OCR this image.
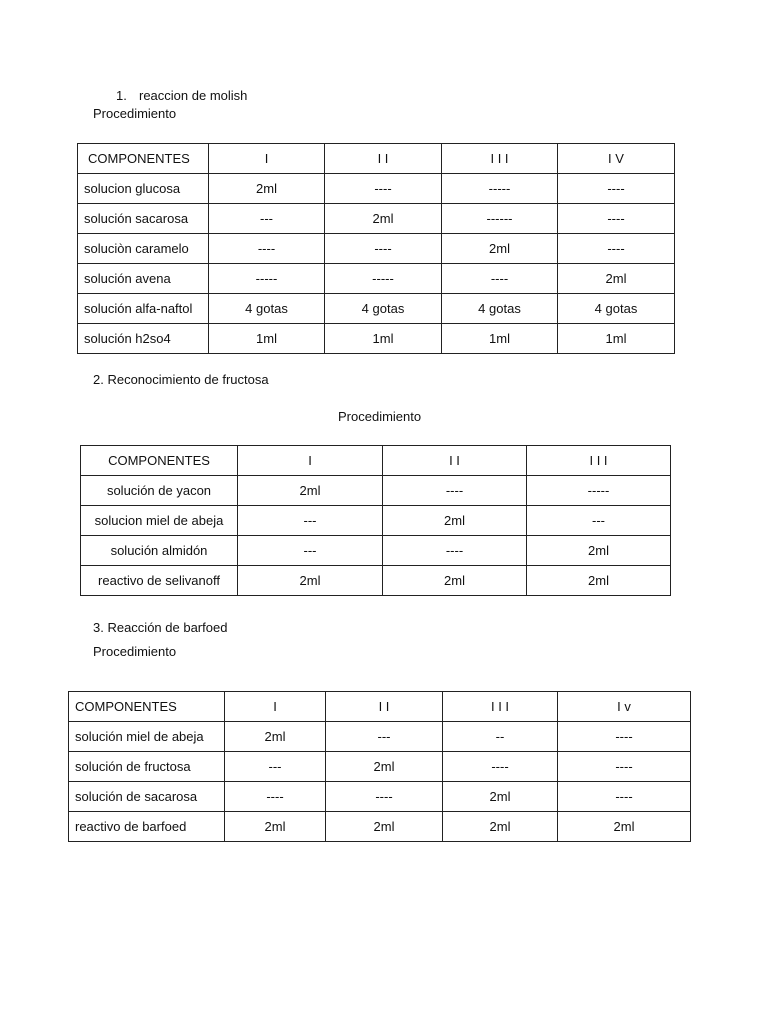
1. reaccion de molish
Procedimiento
COMPONENTES	I	I I	I I I	I V
solucion glucosa	2ml	----	-----	----
solución sacarosa	---	2ml	------	----
soluciòn caramelo	----	----	2ml	----
solución avena	-----	-----	----	2ml
solución alfa-naftol	4 gotas	4 gotas	4 gotas	4 gotas
solución h2so4	1ml	1ml	1ml	1ml
2. Reconocimiento de fructosa
Procedimiento
COMPONENTES	I	I I	I I I
solución de yacon	2ml	----	-----
solucion miel de abeja	---	2ml	---
solución almidón	---	----	2ml
reactivo de selivanoff	2ml	2ml	2ml
3. Reacción de barfoed
Procedimiento
COMPONENTES	I	I I	I I I	I v
solución miel de abeja	2ml	---	--	----
solución de fructosa	---	2ml	----	----
solución de sacarosa	----	----	2ml	----
reactivo de barfoed	2ml	2ml	2ml	2ml
